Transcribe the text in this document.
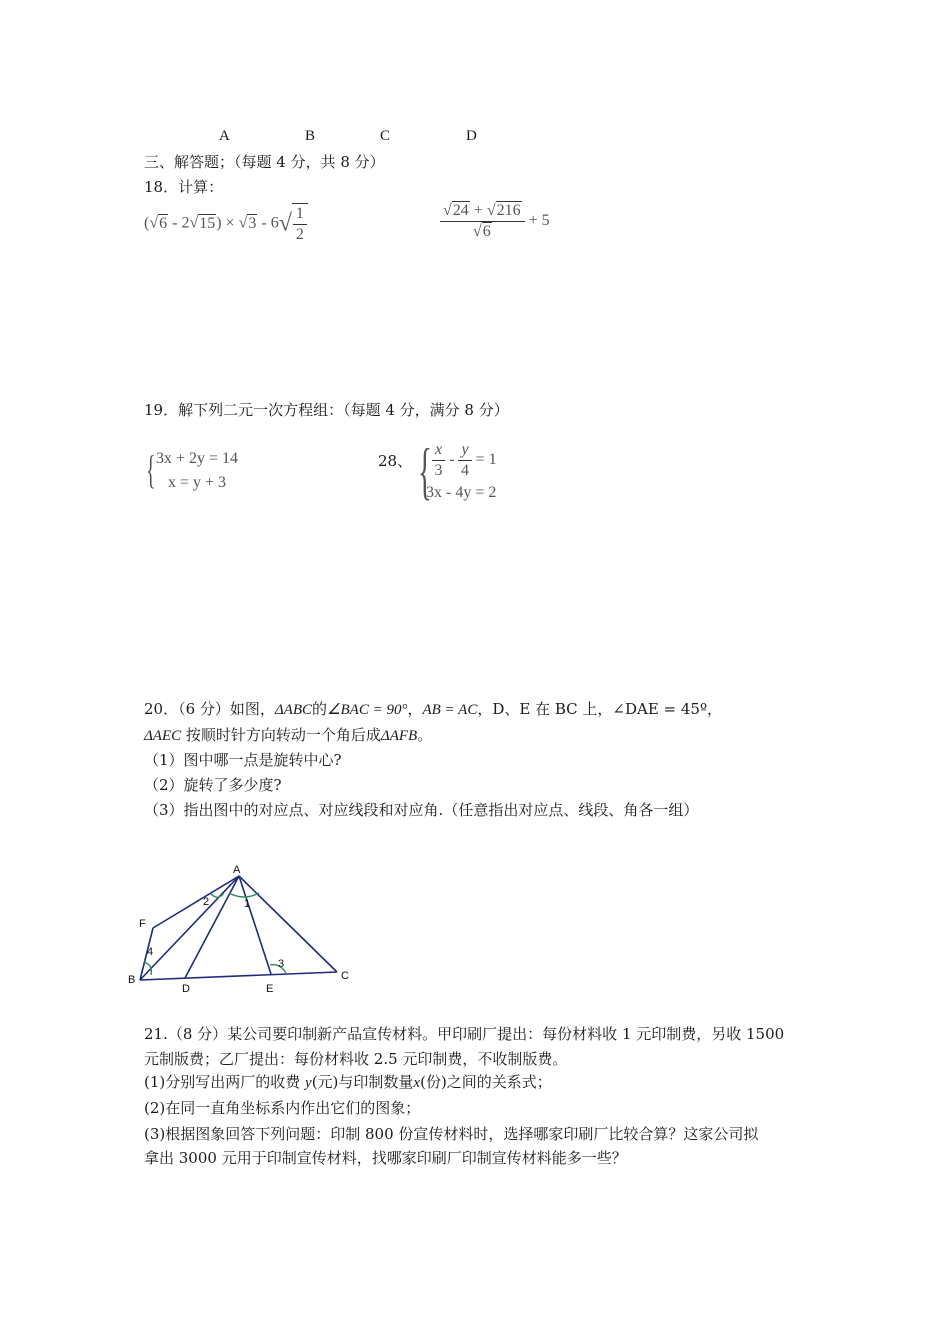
A	B	C	D
三、解答题；（每题 4 分，共 8 分）
18．计算：
$(√6 - 2√15) \times √3 - 6√ \frac{1}{2}$	$\frac{√24 + √216}{√6} + 5$
19．解下列二元一次方程组：（每题 4 分，满分 8 分）
{ 3x + 2y = 14
x = y + 3
28、 { $\frac{x}{3} - \frac{y}{4} = 1$
3x - 4y = 2
20．（6 分）如图，ΔABC的∠BAC = 90°，AB = AC，D、E 在 BC 上，∠DAE = 45º，
ΔAEC 按顺时针方向转动一个角后成ΔAFB。
（1）图中哪一点是旋转中心?
（2）旋转了多少度?
（3）指出图中的对应点、对应线段和对应角.（任意指出对应点、线段、角各一组）
A
B	C
D	E
F
1
2
3
4
21.（8 分）某公司要印制新产品宣传材料。甲印刷厂提出：每份材料收 1 元印制费，另收 1500
元制版费；乙厂提出：每份材料收 2.5 元印制费，不收制版费。
(1)分别写出两厂的收费 y(元)与印制数量x(份)之间的关系式；
(2)在同一直角坐标系内作出它们的图象；
(3)根据图象回答下列问题：印制 800 份宣传材料时，选择哪家印刷厂比较合算？这家公司拟
拿出 3000 元用于印制宣传材料，找哪家印刷厂印制宣传材料能多一些？
